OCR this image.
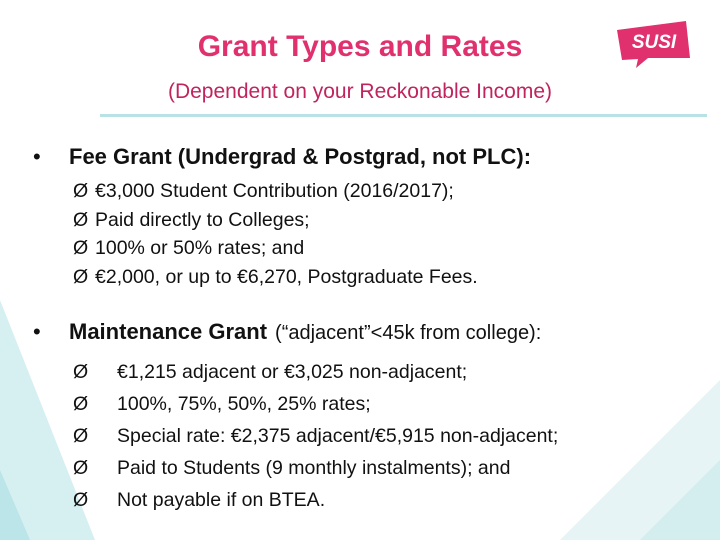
Grant Types and Rates
(Dependent on your Reckonable Income)
SUSI
•	Fee Grant (Undergrad & Postgrad, not PLC):
Ø €3,000 Student Contribution (2016/2017);
Ø Paid directly to Colleges;
Ø 100% or 50% rates; and
Ø €2,000, or up to €6,270, Postgraduate Fees.
•	Maintenance Grant (“adjacent”<45k from college):
Ø	€1,215 adjacent or €3,025 non-adjacent;
Ø	100%, 75%, 50%, 25% rates;
Ø	Special rate: €2,375 adjacent/€5,915 non-adjacent;
Ø	Paid to Students (9 monthly instalments); and
Ø	Not payable if on BTEA.
